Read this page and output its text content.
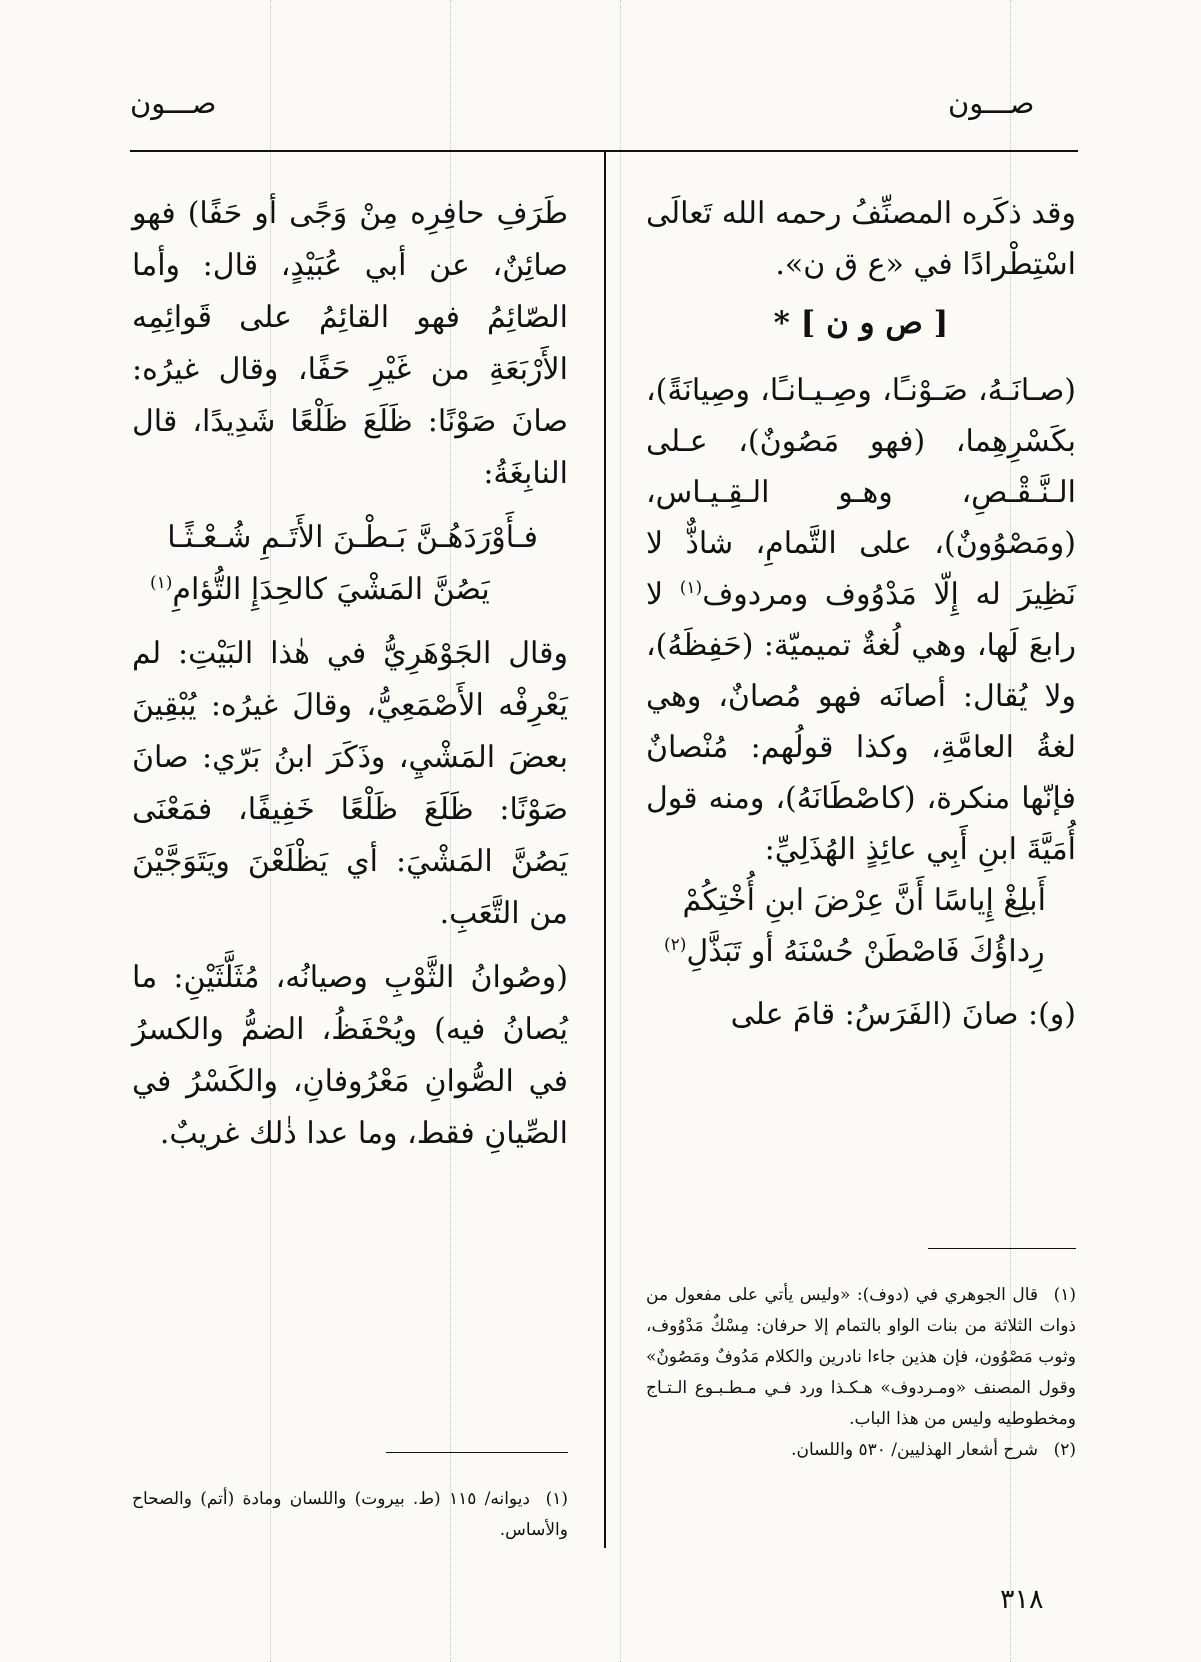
صـــون
صـــون

وقد ذكَره المصنِّفُ رحمه الله تَعالَى اسْتِطْرادًا في «ع ق ن».

[ ص و ن ] *

(صـانَـهُ، صَـوْنـًا، وصِـيـانـًا، وصِيانَةً)، بكَسْرِهِما، (فهو مَصُونٌ)، عـلى الـنَّـقْـصِ، وهـو الـقِـيـاس، (ومَصْوُونٌ)، على التَّمامِ، شاذٌّ لا نَظِيرَ له إِلّا مَدْوُوف ومردوف$^{(١)}$ لا رابعَ لَها، وهي لُغةٌ تميميّة: (حَفِظَهُ)، ولا يُقال: أصانَه فهو مُصانٌ، وهي لغةُ العامَّةِ، وكذا قولُهم: مُنْصانٌ فإنّها منكرة، (كاصْطَانَهُ)، ومنه قول أُمَيَّةَ ابنِ أَبِي عائِذٍ الهُذَلِيِّ:

أَبلِغْ إِياسًا أَنَّ عِرْضَ ابنِ أُخْتِكُمْ

رِداؤُكَ فَاصْطَنْ حُسْنَهُ أو تَبَذَّلِ$^{(٢)}$

(و): صانَ (الفَرَسُ: قامَ على

طَرَفِ حافِرِه مِنْ وَجًى أو حَفًا) فهو صائِنٌ، عن أبي عُبَيْدٍ، قال: وأما الصّائِمُ فهو القائِمُ على قَوائِمِه الأَرْبَعَةِ من غَيْرِ حَفًا، وقال غيرُه: صانَ صَوْنًا: ظَلَعَ ظَلْعًا شَدِيدًا، قال النابِغَةُ:

فـأَوْرَدَهُـنَّ بَـطْـنَ الأَتَـمِ شُـعْـثًـا

يَصُنَّ المَشْيَ كالحِدَإِ التُّؤامِ$^{(١)}$

وقال الجَوْهَرِيُّ في هٰذا البَيْتِ: لم يَعْرِفْه الأَصْمَعِيُّ، وقالَ غيرُه: يُبْقِينَ بعضَ المَشْيِ، وذَكَرَ ابنُ بَرّي: صانَ صَوْنًا: ظَلَعَ ظَلْعًا خَفِيفًا، فمَعْنَى يَصُنَّ المَشْيَ: أي يَظْلَعْنَ ويَتَوَجَّيْنَ من التَّعَبِ.

(وصُوانُ الثَّوْبِ وصيانُه، مُثَلَّثَيْنِ: ما يُصانُ فيه) ويُحْفَظُ، الضمُّ والكسرُ في الصُّوانِ مَعْرُوفانِ، والكَسْرُ في الصِّيانِ فقط، وما عدا ذٰلك غريبٌ.

(١)قال الجوهري في (دوف): «وليس يأتي على مفعول من ذوات الثلاثة من بنات الواو بالتمام إلا حرفان: مِسْكٌ مَدْوُوف، وثوب مَصْوُون، فإن هذين جاءا نادرين والكلام مَدُوفٌ ومَصُونٌ» وقول المصنف «ومـردوف» هـكـذا ورد فـي مـطـبـوع الـتـاج ومخطوطيه وليس من هذا الباب.
(٢)شرح أشعار الهذليين/ ٥٣٠ واللسان.
(١)ديوانه/ ١١٥ (ط. بيروت) واللسان ومادة (أتم) والصحاح والأساس.
٣١٨
